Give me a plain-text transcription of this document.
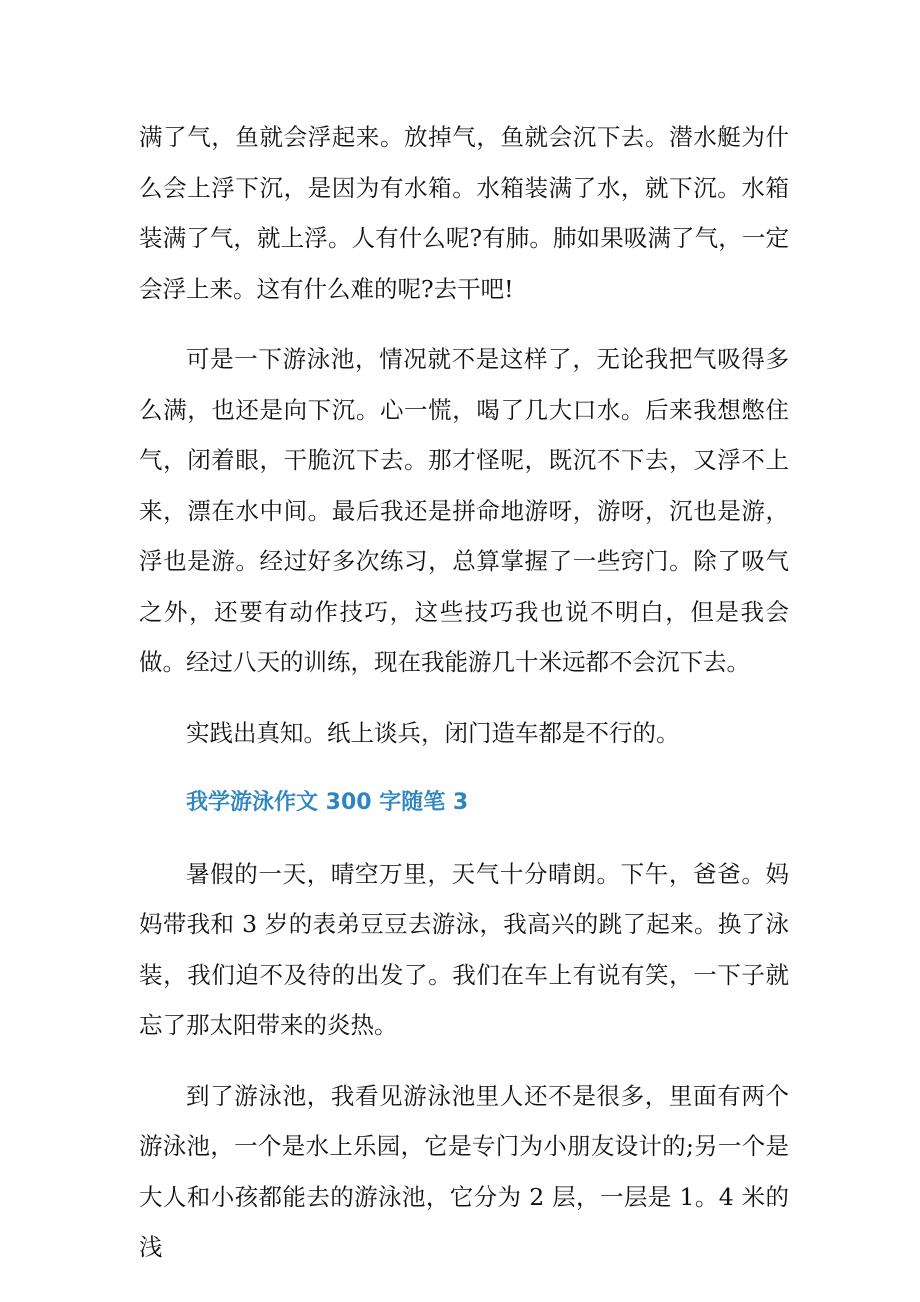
满了气，鱼就会浮起来。放掉气，鱼就会沉下去。潜水艇为什么会上浮下沉，是因为有水箱。水箱装满了水，就下沉。水箱装满了气，就上浮。人有什么呢?有肺。肺如果吸满了气，一定会浮上来。这有什么难的呢?去干吧!

可是一下游泳池，情况就不是这样了，无论我把气吸得多么满，也还是向下沉。心一慌，喝了几大口水。后来我想憋住气，闭着眼，干脆沉下去。那才怪呢，既沉不下去，又浮不上来，漂在水中间。最后我还是拼命地游呀，游呀，沉也是游，浮也是游。经过好多次练习，总算掌握了一些窍门。除了吸气之外，还要有动作技巧，这些技巧我也说不明白，但是我会做。经过八天的训练，现在我能游几十米远都不会沉下去。

实践出真知。纸上谈兵，闭门造车都是不行的。

我学游泳作文 300 字随笔 3

暑假的一天，晴空万里，天气十分晴朗。下午，爸爸。妈妈带我和 3 岁的表弟豆豆去游泳，我高兴的跳了起来。换了泳装，我们迫不及待的出发了。我们在车上有说有笑，一下子就忘了那太阳带来的炎热。

到了游泳池，我看见游泳池里人还不是很多，里面有两个游泳池，一个是水上乐园，它是专门为小朋友设计的;另一个是大人和小孩都能去的游泳池，它分为 2 层，一层是 1。4 米的浅
